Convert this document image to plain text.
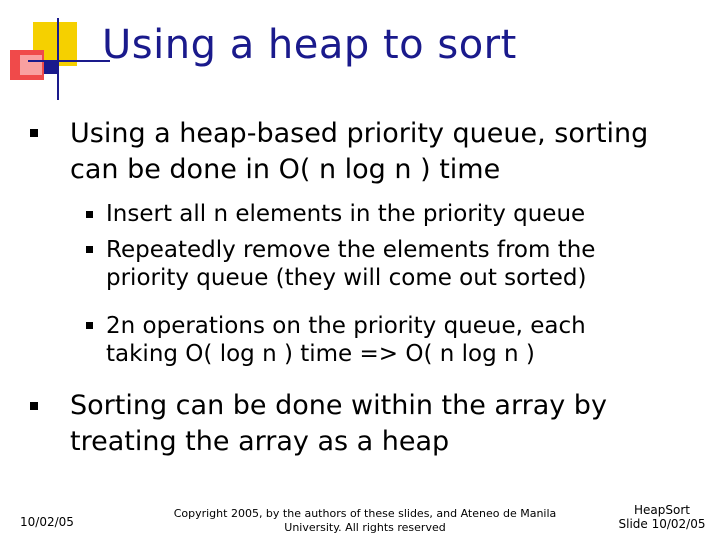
Using a heap to sort
Using a heap-based priority queue, sorting
can be done in O( n log n ) time
Insert all n elements in the priority queue
Repeatedly remove the elements from the
priority queue (they will come out sorted)
2n operations on the priority queue, each
taking O( log n ) time => O( n log n )
Sorting can be done within the array by
treating the array as a heap
10/02/05
Copyright 2005, by the authors of these slides, and Ateneo de Manila
University. All rights reserved
HeapSort
Slide 10/02/05
